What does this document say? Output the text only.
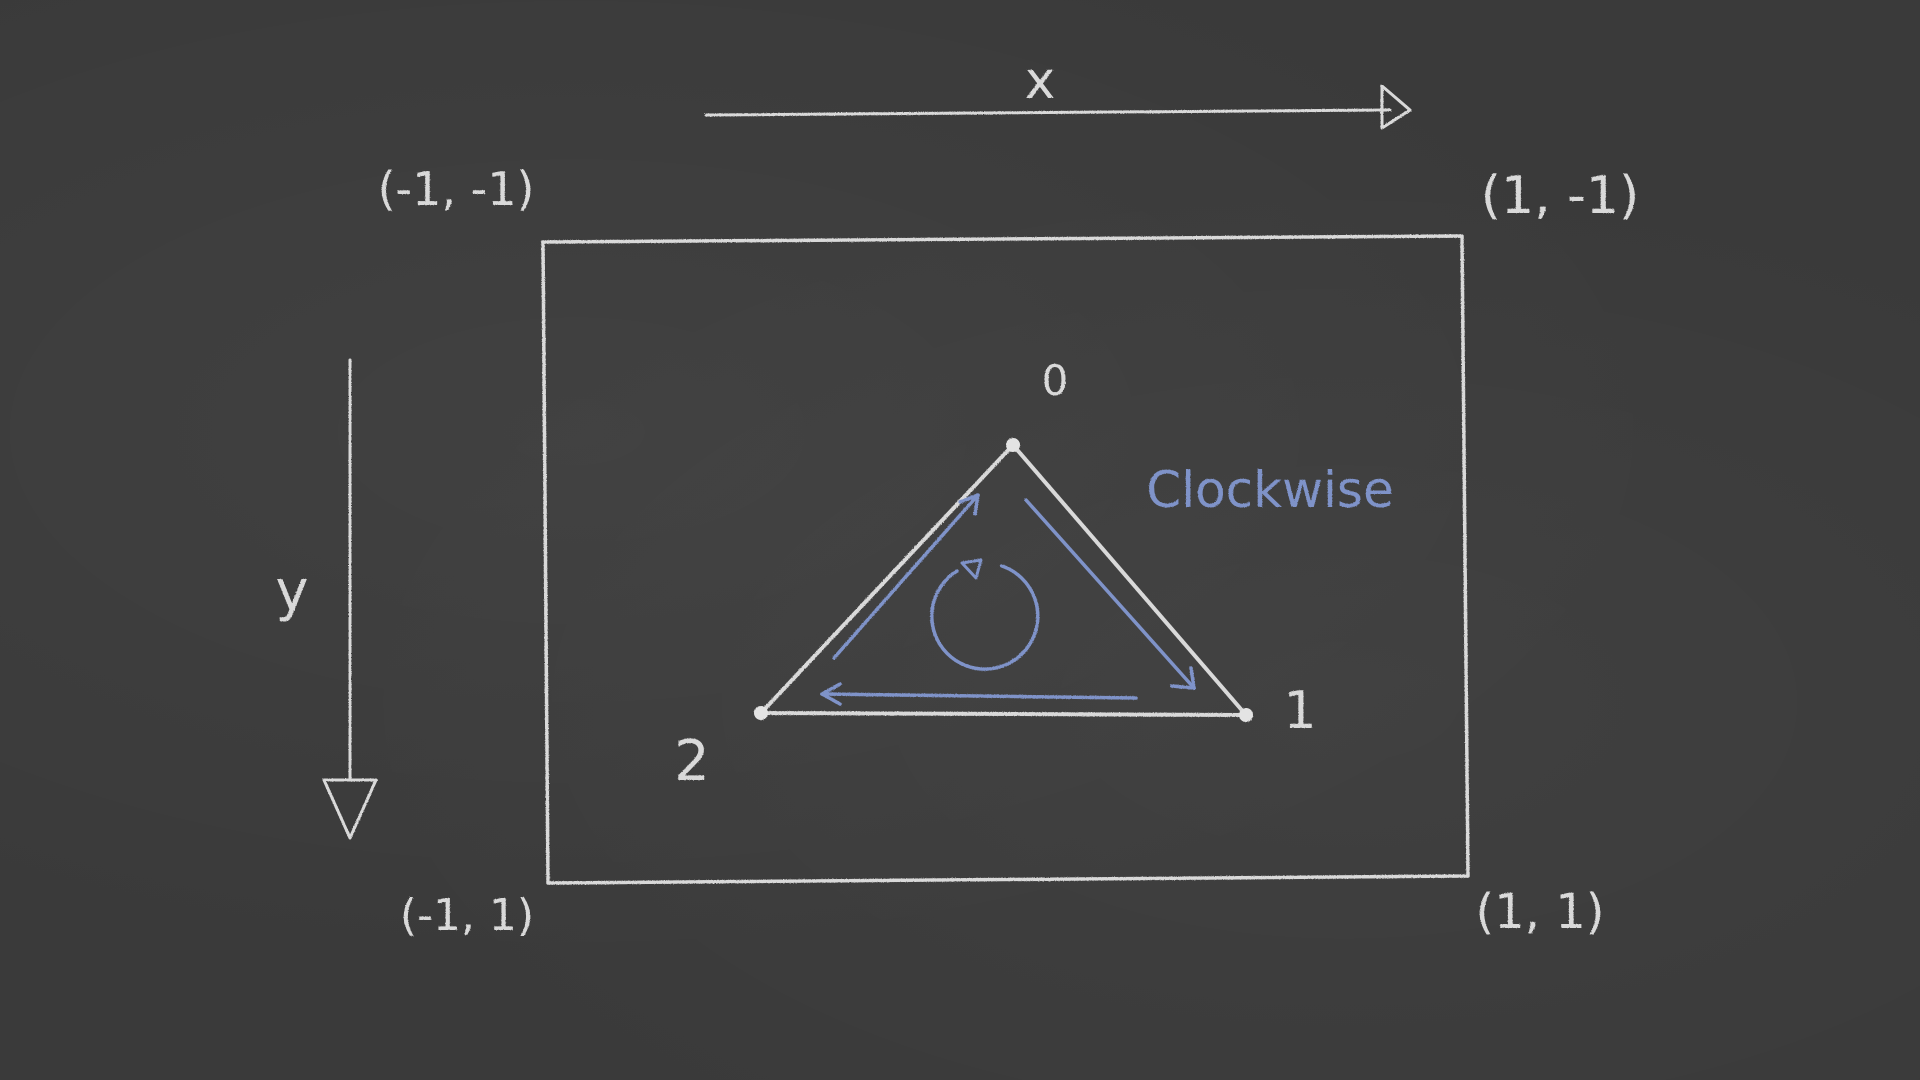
x
y
(-1, -1)	(1, -1)
(-1, 1)	(1, 1)
0
1
2
Clockwise
